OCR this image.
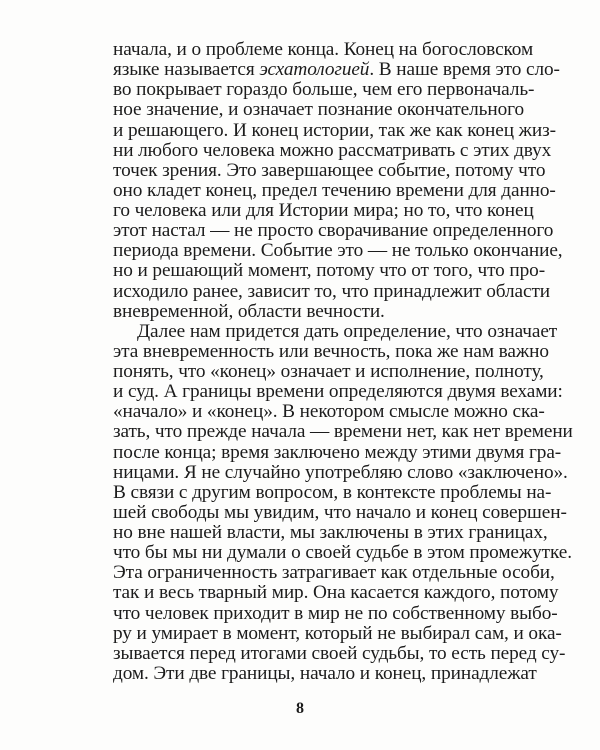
начала, и о проблеме конца. Конец на богословском
языке называется эсхатологией. В наше время это сло-
во покрывает гораздо больше, чем его первоначаль-
ное значение, и означает познание окончательного
и решающего. И конец истории, так же как конец жиз-
ни любого человека можно рассматривать с этих двух
точек зрения. Это завершающее событие, потому что
оно кладет конец, предел течению времени для данно-
го человека или для Истории мира; но то, что конец
этот настал — не просто сворачивание определенного
периода времени. Событие это — не только окончание,
но и решающий момент, потому что от того, что про-
исходило ранее, зависит то, что принадлежит области
вневременной, области вечности.
Далее нам придется дать определение, что означает
эта вневременность или вечность, пока же нам важно
понять, что «конец» означает и исполнение, полноту,
и суд. А границы времени определяются двумя вехами:
«начало» и «конец». В некотором смысле можно ска-
зать, что прежде начала — времени нет, как нет времени
после конца; время заключено между этими двумя гра-
ницами. Я не случайно употребляю слово «заключено».
В связи с другим вопросом, в контексте проблемы на-
шей свободы мы увидим, что начало и конец совершен-
но вне нашей власти, мы заключены в этих границах,
что бы мы ни думали о своей судьбе в этом промежутке.
Эта ограниченность затрагивает как отдельные особи,
так и весь тварный мир. Она касается каждого, потому
что человек приходит в мир не по собственному выбо-
ру и умирает в момент, который не выбирал сам, и ока-
зывается перед итогами своей судьбы, то есть перед су-
дом. Эти две границы, начало и конец, принадлежат
8
